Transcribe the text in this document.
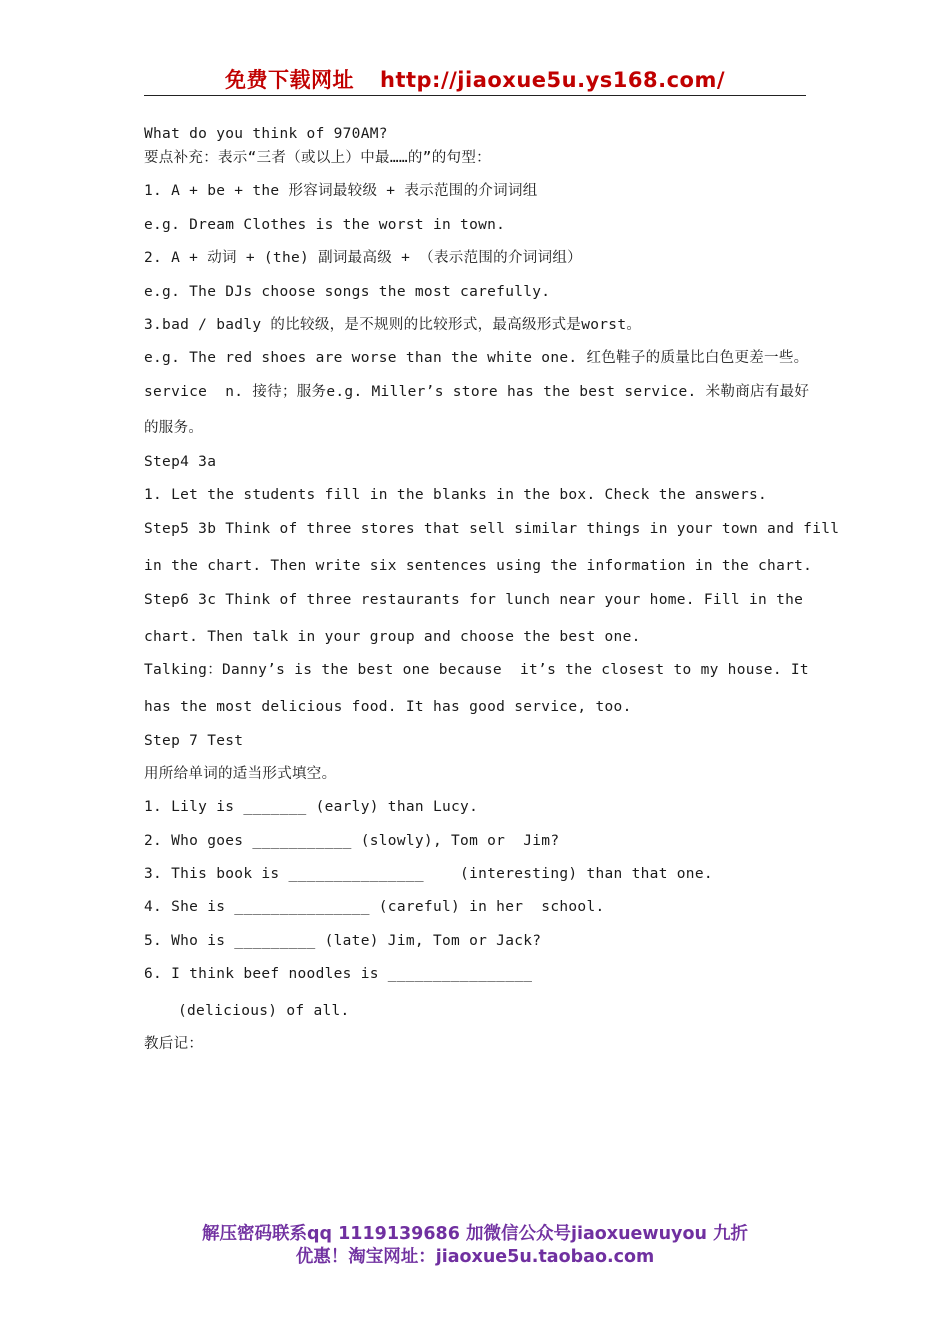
免费下载网址 http://jiaoxue5u.ys168.com/
What do you think of 970AM?
要点补充：表示“三者（或以上）中最……的”的句型：
1. A + be + the 形容词最较级 + 表示范围的介词词组
e.g. Dream Clothes is the worst in town.
2. A + 动词 + (the) 副词最高级 + （表示范围的介词词组）
e.g. The DJs choose songs the most carefully.
3.bad / badly 的比较级，是不规则的比较形式，最高级形式是worst。
e.g. The red shoes are worse than the white one. 红色鞋子的质量比白色更差一些。
service  n. 接待；服务e.g. Miller’s store has the best service. 米勒商店有最好
的服务。
Step4 3a
1. Let the students fill in the blanks in the box. Check the answers.
Step5 3b Think of three stores that sell similar things in your town and fill
in the chart. Then write six sentences using the information in the chart.
Step6 3c Think of three restaurants for lunch near your home. Fill in the
chart. Then talk in your group and choose the best one.
Talking：Danny’s is the best one because  it’s the closest to my house. It
has the most delicious food. It has good service, too.
Step 7 Test
用所给单词的适当形式填空。
1. Lily is _______ (early) than Lucy.
2. Who goes ___________ (slowly), Tom or  Jim?
3. This book is _______________    (interesting) than that one.
4. She is _______________ (careful) in her  school.
5. Who is _________ (late) Jim, Tom or Jack?
6. I think beef noodles is ________________
(delicious) of all.
教后记：
解压密码联系qq 1119139686 加微信公众号jiaoxuewuyou 九折
优惠！淘宝网址：jiaoxue5u.taobao.com
